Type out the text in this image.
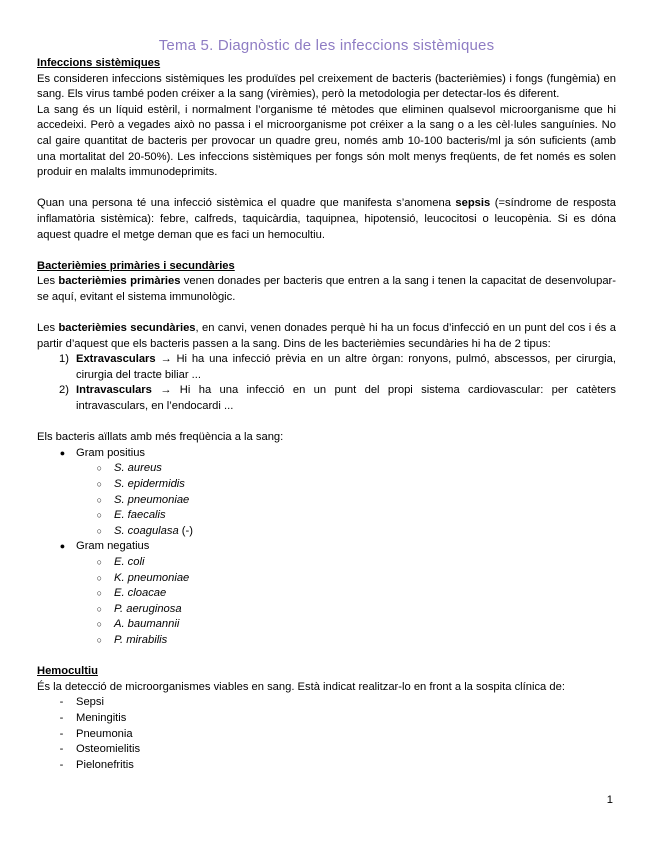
Tema 5. Diagnòstic de les infeccions sistèmiques
Infeccions sistèmiques

Es consideren infeccions sistèmiques les produïdes pel creixement de bacteris (bacterièmies) i fongs (fungèmia) en sang. Els virus també poden créixer a la sang (virèmies), però la metodologia per detectar-los és diferent.

La sang és un líquid estèril, i normalment l’organisme té mètodes que eliminen qualsevol microorganisme que hi accedeixi. Però a vegades això no passa i el microorganisme pot créixer a la sang o a les cèl·lules sanguínies. No cal gaire quantitat de bacteris per provocar un quadre greu, només amb 10-100 bacteris/ml ja són suficients (amb una mortalitat del 20-50%). Les infeccions sistèmiques per fongs són molt menys freqüents, de fet només es solen produir en malalts immunodeprimits.

Quan una persona té una infecció sistèmica el quadre que manifesta s’anomena sepsis (=síndrome de resposta inflamatòria sistèmica): febre, calfreds, taquicàrdia, taquipnea, hipotensió, leucocitosi o leucopènia. Si es dóna aquest quadre el metge deman que es faci un hemocultiu.

Bacterièmies primàries i secundàries

Les bacterièmies primàries venen donades per bacteris que entren a la sang i tenen la capacitat de desenvolupar-se aquí, evitant el sistema immunològic.

Les bacterièmies secundàries, en canvi, venen donades perquè hi ha un focus d’infecció en un punt del cos i és a partir d’aquest que els bacteris passen a la sang. Dins de les bacterièmies secundàries hi ha de 2 tipus:

1) Extravasculars → Hi ha una infecció prèvia en un altre òrgan: ronyons, pulmó, abscessos, per cirurgia, cirurgia del tracte biliar ...
2) Intravasculars → Hi ha una infecció en un punt del propi sistema cardiovascular: per catèters intravasculars, en l’endocardi ...

Els bacteris aïllats amb més freqüència a la sang:

● Gram positius
○	S. aureus
○	S. epidermidis
○	S. pneumoniae
○	E. faecalis
○	S. coagulasa (-)
● Gram negatius
○	E. coli
○	K. pneumoniae
○	E. cloacae
○	P. aeruginosa
○	A. baumannii
○	P. mirabilis
Hemocultiu

És la detecció de microorganismes viables en sang. Està indicat realitzar-lo en front a la sospita clínica de:

-	Sepsi
-	Meningitis
-	Pneumonia
-	Osteomielitis
-	Pielonefritis
1
